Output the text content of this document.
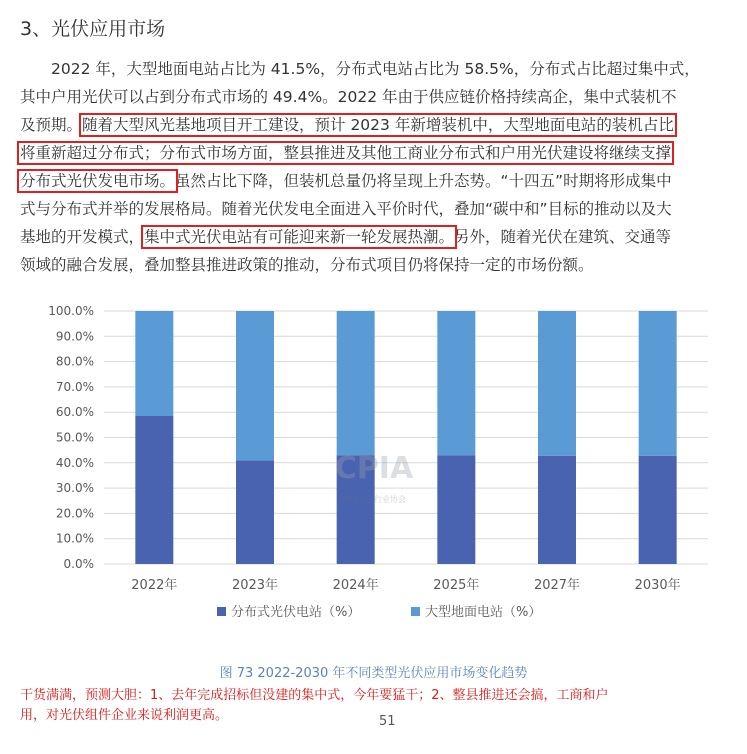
3、光伏应用市场
2022 年，大型地面电站占比为 41.5%，分布式电站占比为 58.5%，分布式占比超过集中式，
其中户用光伏可以占到分布式市场的 49.4%。2022 年由于供应链价格持续高企，集中式装机不
及预期。随着大型风光基地项目开工建设，预计 2023 年新增装机中，大型地面电站的装机占比
将重新超过分布式；分布式市场方面，整县推进及其他工商业分布式和户用光伏建设将继续支撑
分布式光伏发电市场。虽然占比下降，但装机总量仍将呈现上升态势。“十四五”时期将形成集中
式与分布式并举的发展格局。随着光伏发电全面进入平价时代，叠加“碳中和”目标的推动以及大
基地的开发模式，集中式光伏电站有可能迎来新一轮发展热潮。另外，随着光伏在建筑、交通等
领域的融合发展，叠加整县推进政策的推动，分布式项目仍将保持一定的市场份额。
0.0%
10.0%
20.0%
30.0%
40.0%
50.0%
60.0%
70.0%
80.0%
90.0%
100.0%
2022年	2023年	2024年	2025年	2027年	2030年
CPIA
中国光伏行业协会
分布式光伏电站（%）	大型地面电站（%）
图 73 2022-2030 年不同类型光伏应用市场变化趋势
干货满满，预测大胆：1、去年完成招标但没建的集中式，今年要猛干；2、整县推进还会搞，工商和户
用，对光伏组件企业来说利润更高。	51
